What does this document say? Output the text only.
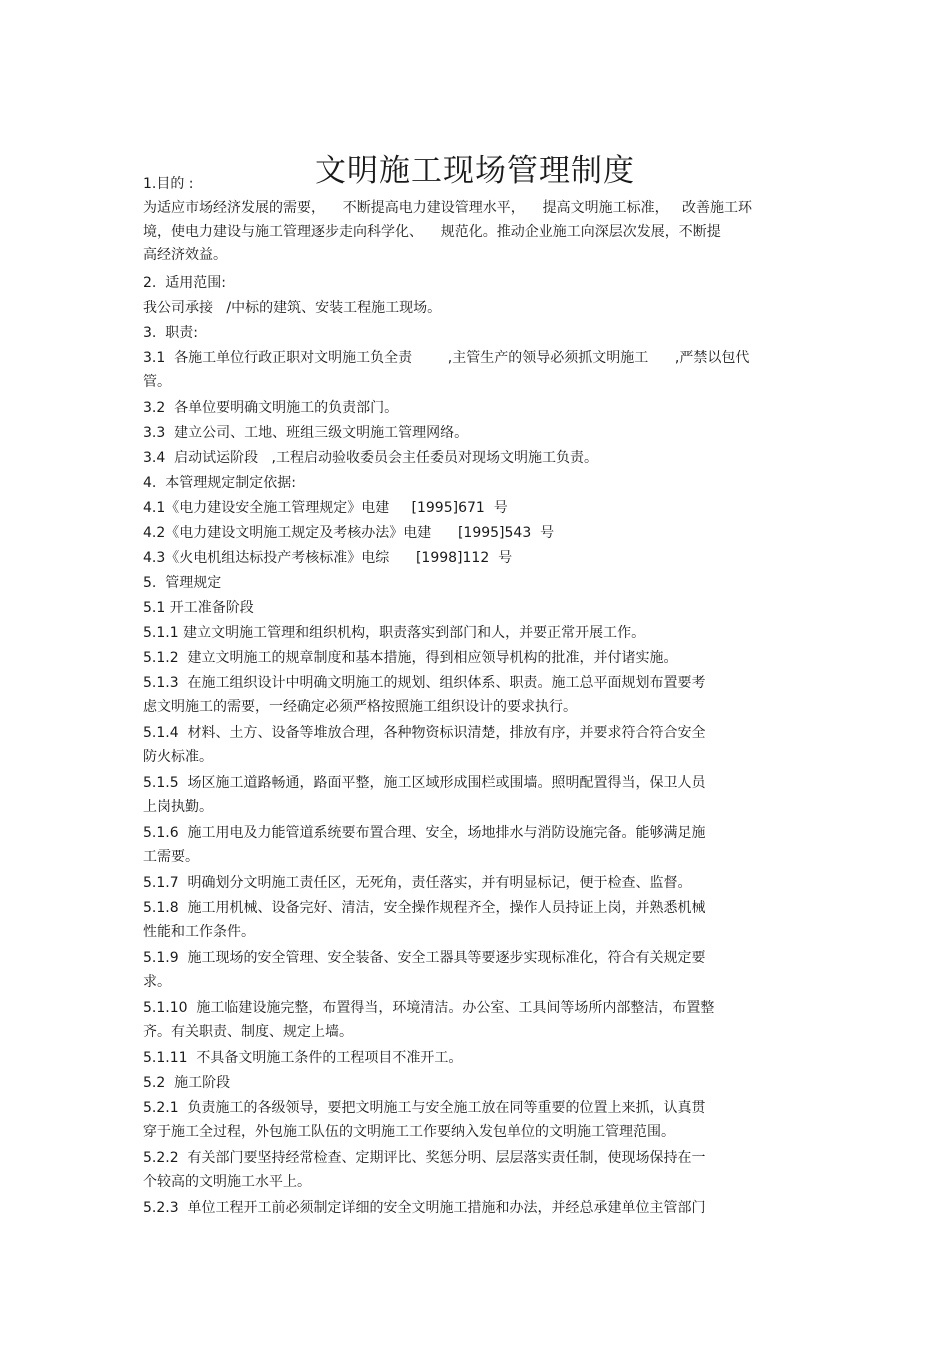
文明施工现场管理制度
1.目的 :
为适应市场经济发展的需要，    不断提高电力建设管理水平，    提高文明施工标准，   改善施工环
境，使电力建设与施工管理逐步走向科学化、    规范化。推动企业施工向深层次发展，不断提
高经济效益。
2.  适用范围:
我公司承接   /中标的建筑、安装工程施工现场。
3.  职责:
3.1  各施工单位行政正职对文明施工负全责        ,主管生产的领导必须抓文明施工      ,严禁以包代
管。
3.2  各单位要明确文明施工的负责部门。
3.3  建立公司、工地、班组三级文明施工管理网络。
3.4  启动试运阶段   ,工程启动验收委员会主任委员对现场文明施工负责。
4.  本管理规定制定依据:
4.1《电力建设安全施工管理规定》电建     [1995]671  号
4.2《电力建设文明施工规定及考核办法》电建      [1995]543  号
4.3《火电机组达标投产考核标准》电综      [1998]112  号
5.  管理规定
5.1 开工准备阶段
5.1.1 建立文明施工管理和组织机构，职责落实到部门和人，并要正常开展工作。
5.1.2  建立文明施工的规章制度和基本措施，得到相应领导机构的批准，并付诸实施。
5.1.3  在施工组织设计中明确文明施工的规划、组织体系、职责。施工总平面规划布置要考
虑文明施工的需要，一经确定必须严格按照施工组织设计的要求执行。
5.1.4  材料、土方、设备等堆放合理，各种物资标识清楚，排放有序，并要求符合符合安全
防火标准。
5.1.5  场区施工道路畅通，路面平整，施工区域形成围栏或围墙。照明配置得当，保卫人员
上岗执勤。
5.1.6  施工用电及力能管道系统要布置合理、安全，场地排水与消防设施完备。能够满足施
工需要。
5.1.7  明确划分文明施工责任区，无死角，责任落实，并有明显标记，便于检查、监督。
5.1.8  施工用机械、设备完好、清洁，安全操作规程齐全，操作人员持证上岗，并熟悉机械
性能和工作条件。
5.1.9  施工现场的安全管理、安全装备、安全工器具等要逐步实现标准化，符合有关规定要
求。
5.1.10  施工临建设施完整，布置得当，环境清洁。办公室、工具间等场所内部整洁，布置整
齐。有关职责、制度、规定上墙。
5.1.11  不具备文明施工条件的工程项目不准开工。
5.2  施工阶段
5.2.1  负责施工的各级领导，要把文明施工与安全施工放在同等重要的位置上来抓，认真贯
穿于施工全过程，外包施工队伍的文明施工工作要纳入发包单位的文明施工管理范围。
5.2.2  有关部门要坚持经常检查、定期评比、奖惩分明、层层落实责任制，使现场保持在一
个较高的文明施工水平上。
5.2.3  单位工程开工前必须制定详细的安全文明施工措施和办法，并经总承建单位主管部门
